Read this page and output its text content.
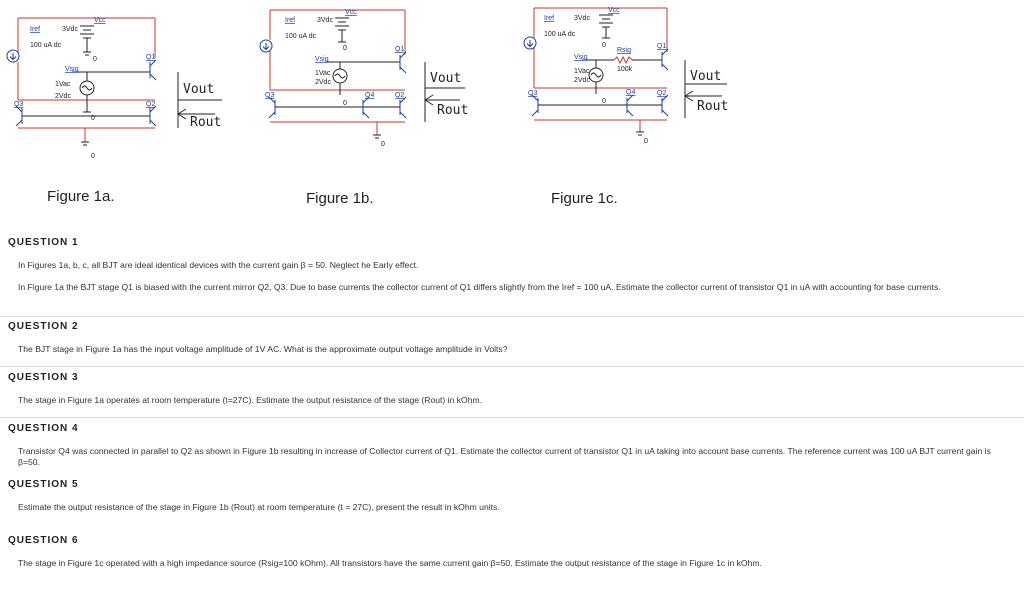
Vcc
Iref	3Vdc
100 uA dc
0
Vsig
1Vac
2Vdc
Q1
Q2
Q3
0
0
Vout
Rout
Figure 1a.
Vcc
Iref	3Vdc
100 uA dc
0
Vsig
1Vac
2Vdc
Q1
Q2
Q3	Q4
0
0
Vout
Rout
Figure 1b.
Vcc
Iref	3Vdc
100 uA dc
0
Vsig
Rsig
100k
1Vac
2Vdc
Q1
Q2
Q3	Q4
0
0
Vout
Rout
Figure 1c.
QUESTION 1
In Figures 1a, b, c, all BJT are ideal identical devices with the current gain β = 50. Neglect he Early effect.
In Figure 1a the BJT stage Q1 is biased with the current mirror Q2, Q3. Due to base currents the collector current of Q1 differs slightly from the Iref = 100 uA. Estimate the collector current of transistor Q1 in uA with accounting for base currents.
QUESTION 2
The BJT stage in Figure 1a has the input voltage amplitude of 1V AC. What is the approximate output voltage amplitude in Volts?
QUESTION 3
The stage in Figure 1a operates at room temperature (t=27C). Estimate the output resistance of the stage (Rout) in kOhm.
QUESTION 4
Transistor Q4 was connected in parallel to Q2 as shown in Figure 1b resulting in increase of Collector current of Q1. Estimate the collector current of transistor Q1 in uA taking into account base currents. The reference current was 100 uA BJT current gain is β=50.
QUESTION 5
Estimate the output resistance of the stage in Figure 1b (Rout) at room temperature (t = 27C), present the result in kOhm units.
QUESTION 6
The stage in Figure 1c operated with a high impedance source (Rsig=100 kOhm). All transistors have the same current gain β=50. Estimate the output resistance of the stage in Figure 1c in kOhm.
